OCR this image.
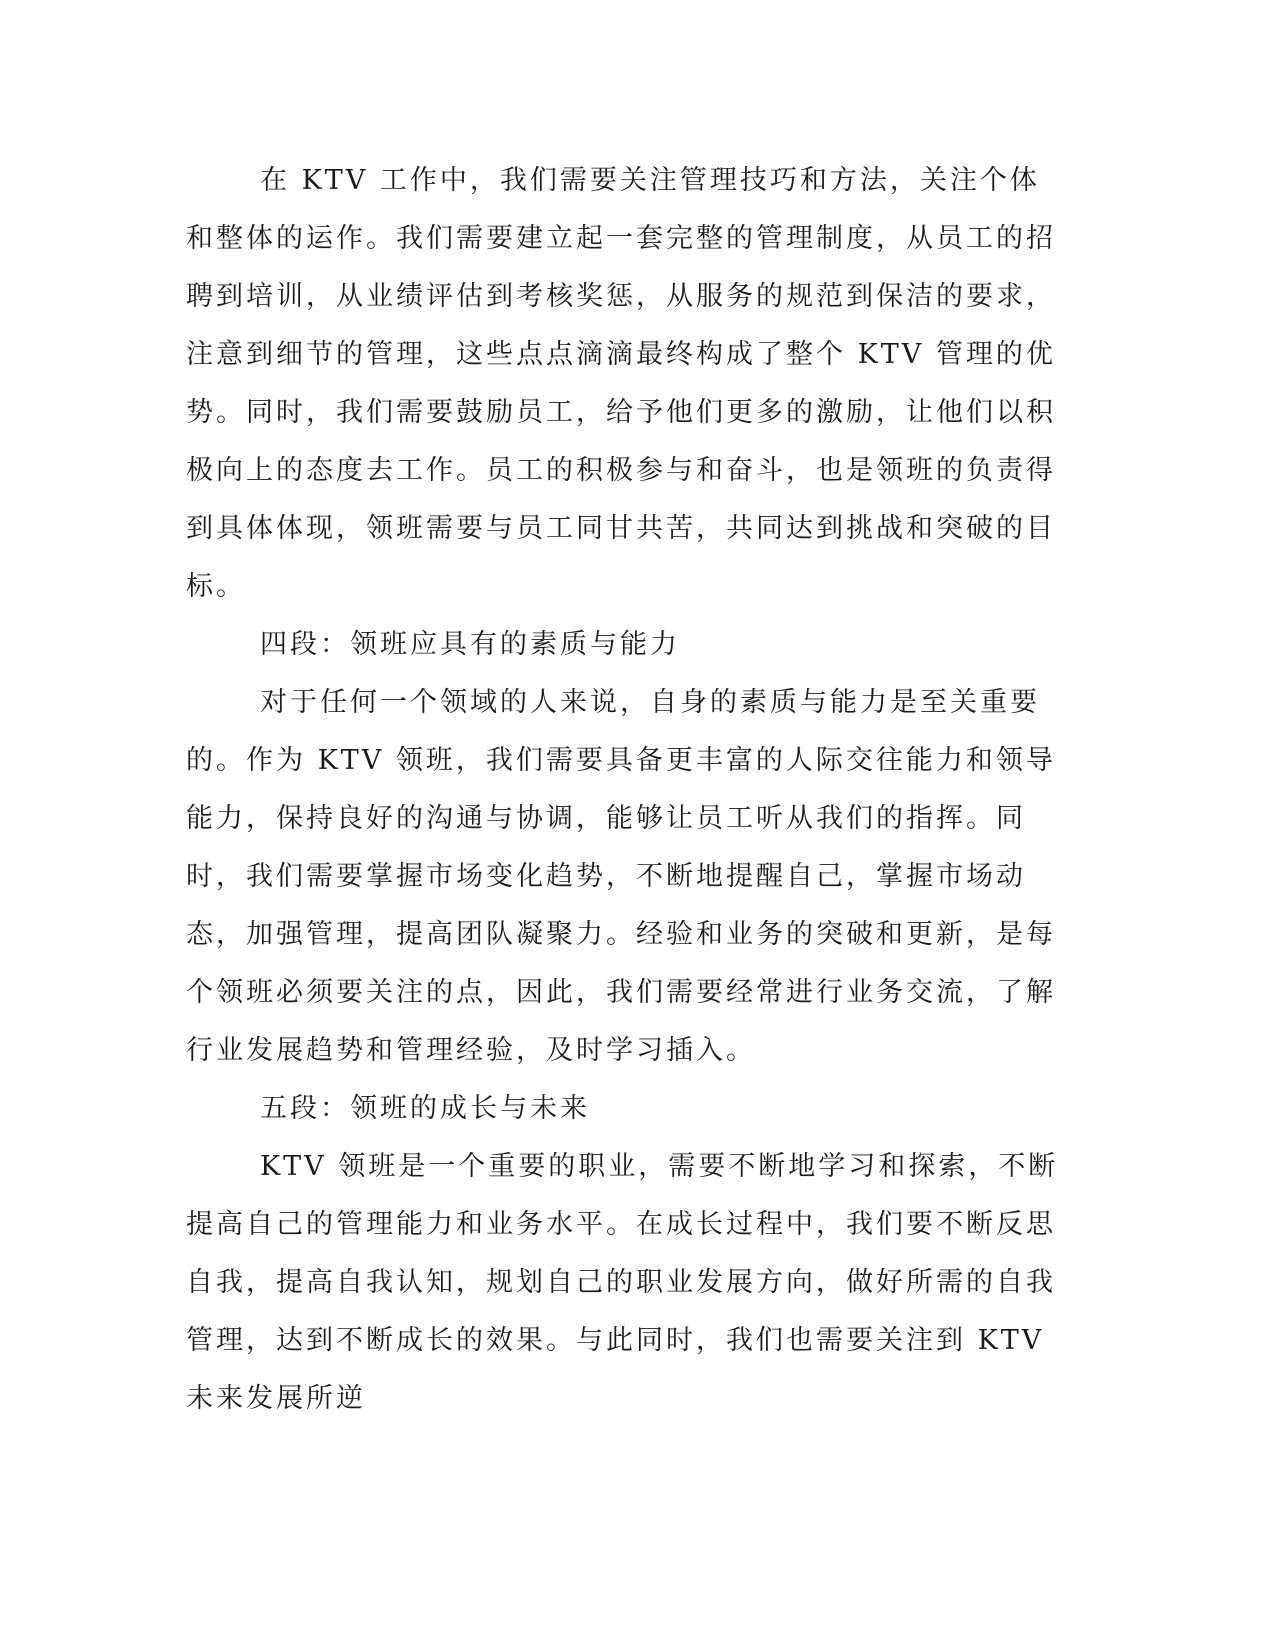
在 KTV 工作中，我们需要关注管理技巧和方法，关注个体和整体的运作。我们需要建立起一套完整的管理制度，从员工的招聘到培训，从业绩评估到考核奖惩，从服务的规范到保洁的要求，注意到细节的管理，这些点点滴滴最终构成了整个 KTV 管理的优势。同时，我们需要鼓励员工，给予他们更多的激励，让他们以积极向上的态度去工作。员工的积极参与和奋斗，也是领班的负责得到具体体现，领班需要与员工同甘共苦，共同达到挑战和突破的目标。

四段：领班应具有的素质与能力

对于任何一个领域的人来说，自身的素质与能力是至关重要的。作为 KTV 领班，我们需要具备更丰富的人际交往能力和领导能力，保持良好的沟通与协调，能够让员工听从我们的指挥。同时，我们需要掌握市场变化趋势，不断地提醒自己，掌握市场动态，加强管理，提高团队凝聚力。经验和业务的突破和更新，是每个领班必须要关注的点，因此，我们需要经常进行业务交流，了解行业发展趋势和管理经验，及时学习插入。

五段：领班的成长与未来

KTV 领班是一个重要的职业，需要不断地学习和探索，不断提高自己的管理能力和业务水平。在成长过程中，我们要不断反思自我，提高自我认知，规划自己的职业发展方向，做好所需的自我管理，达到不断成长的效果。与此同时，我们也需要关注到 KTV 未来发展所逆
